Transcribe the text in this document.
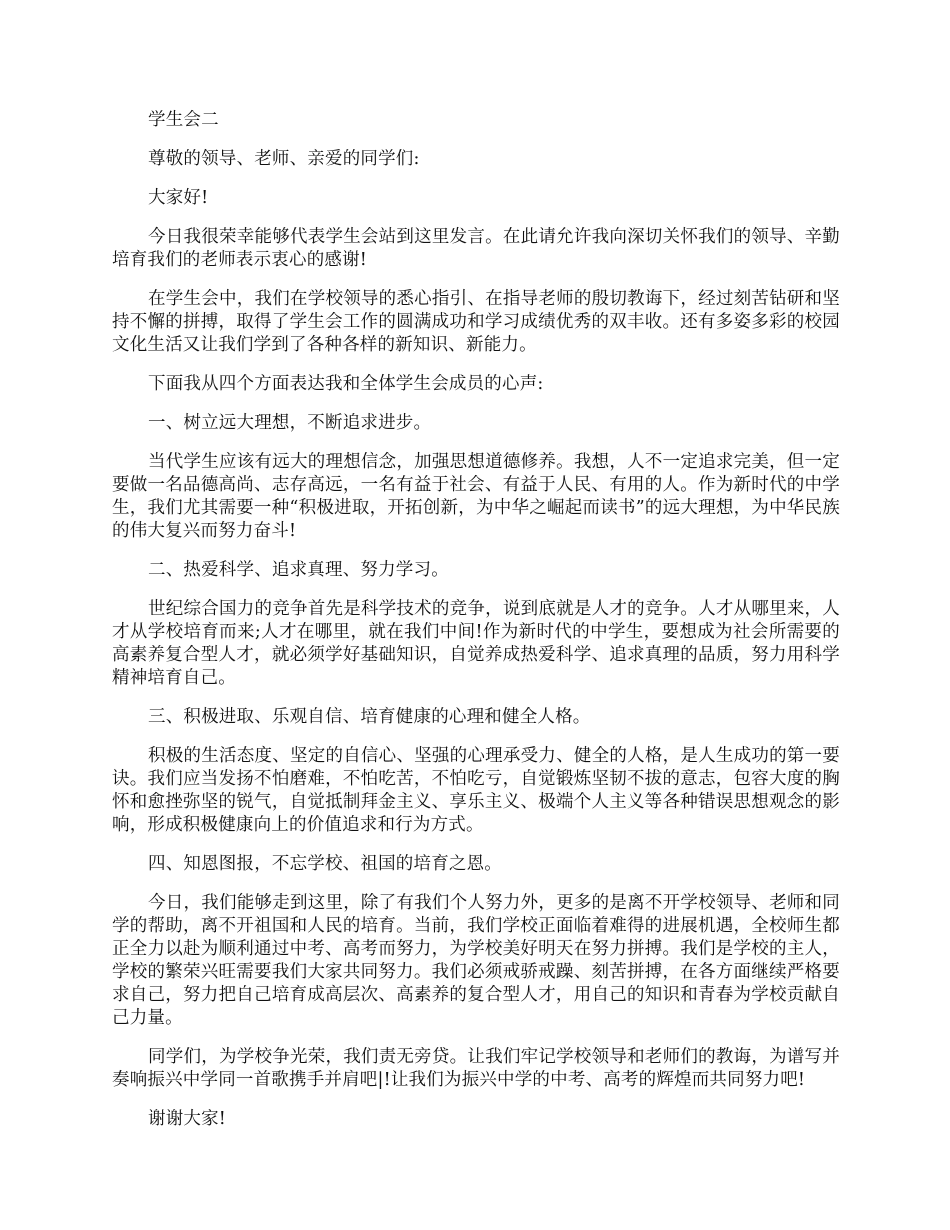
学生会二

尊敬的领导、老师、亲爱的同学们:

大家好!

今日我很荣幸能够代表学生会站到这里发言。在此请允许我向深切关怀我们的领导、辛勤培育我们的老师表示衷心的感谢!

在学生会中，我们在学校领导的悉心指引、在指导老师的殷切教诲下，经过刻苦钻研和坚持不懈的拼搏，取得了学生会工作的圆满成功和学习成绩优秀的双丰收。还有多姿多彩的校园文化生活又让我们学到了各种各样的新知识、新能力。

下面我从四个方面表达我和全体学生会成员的心声:

一、树立远大理想，不断追求进步。

当代学生应该有远大的理想信念，加强思想道德修养。我想，人不一定追求完美，但一定要做一名品德高尚、志存高远，一名有益于社会、有益于人民、有用的人。作为新时代的中学生，我们尤其需要一种“积极进取，开拓创新，为中华之崛起而读书”的远大理想，为中华民族的伟大复兴而努力奋斗!

二、热爱科学、追求真理、努力学习。

世纪综合国力的竞争首先是科学技术的竞争，说到底就是人才的竞争。人才从哪里来，人才从学校培育而来;人才在哪里，就在我们中间!作为新时代的中学生，要想成为社会所需要的高素养复合型人才，就必须学好基础知识，自觉养成热爱科学、追求真理的品质，努力用科学精神培育自己。

三、积极进取、乐观自信、培育健康的心理和健全人格。

积极的生活态度、坚定的自信心、坚强的心理承受力、健全的人格，是人生成功的第一要诀。我们应当发扬不怕磨难，不怕吃苦，不怕吃亏，自觉锻炼坚韧不拔的意志，包容大度的胸怀和愈挫弥坚的锐气，自觉抵制拜金主义、享乐主义、极端个人主义等各种错误思想观念的影响，形成积极健康向上的价值追求和行为方式。

四、知恩图报，不忘学校、祖国的培育之恩。

今日，我们能够走到这里，除了有我们个人努力外，更多的是离不开学校领导、老师和同学的帮助，离不开祖国和人民的培育。当前，我们学校正面临着难得的进展机遇，全校师生都正全力以赴为顺利通过中考、高考而努力，为学校美好明天在努力拼搏。我们是学校的主人，学校的繁荣兴旺需要我们大家共同努力。我们必须戒骄戒躁、刻苦拼搏，在各方面继续严格要求自己，努力把自己培育成高层次、高素养的复合型人才，用自己的知识和青春为学校贡献自己力量。

同学们，为学校争光荣，我们责无旁贷。让我们牢记学校领导和老师们的教诲，为谱写并奏响振兴中学同一首歌携手并肩吧|!让我们为振兴中学的中考、高考的辉煌而共同努力吧!

谢谢大家!
